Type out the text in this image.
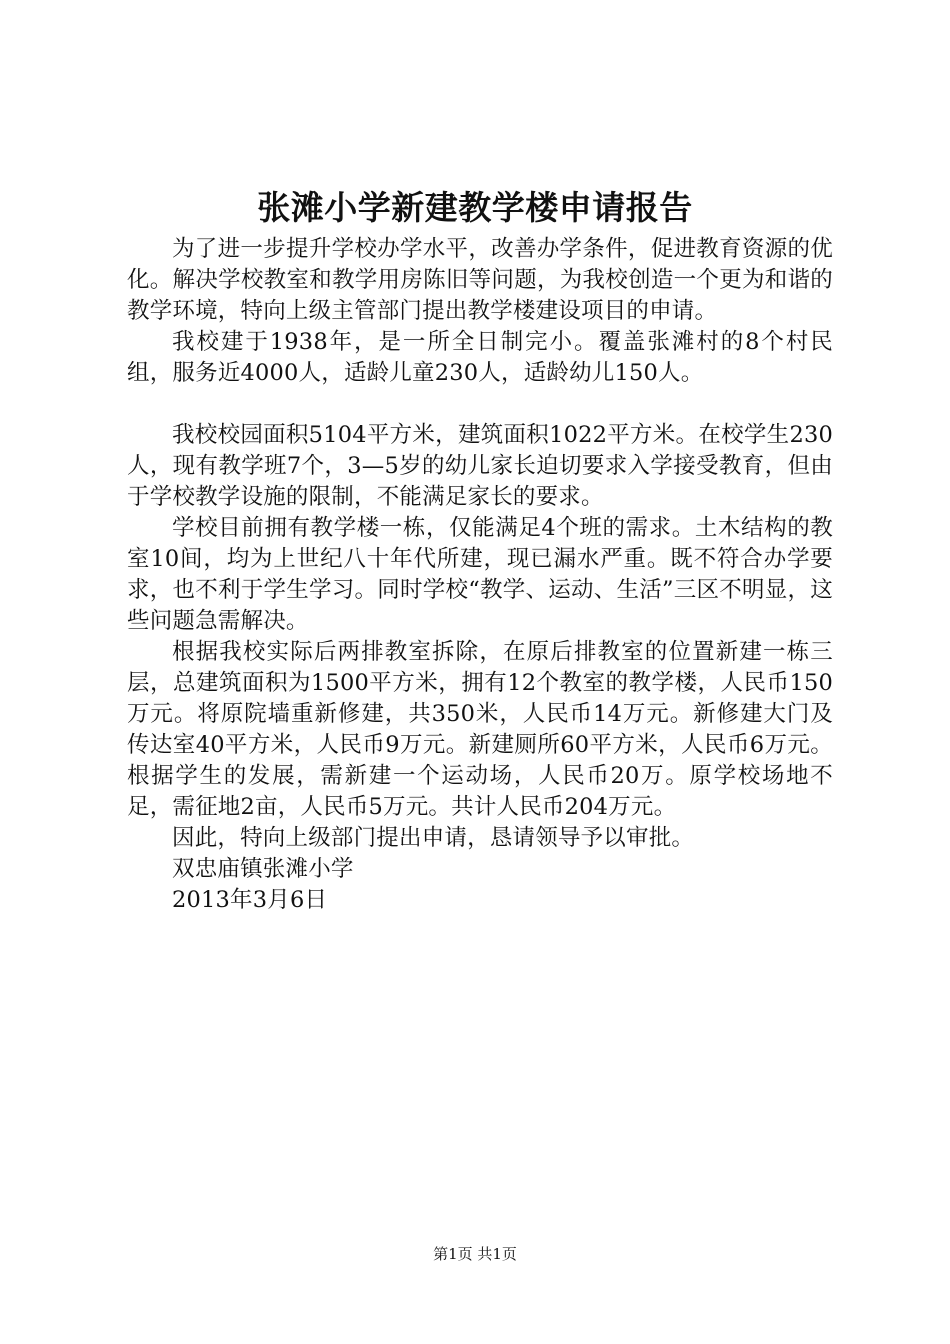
张滩小学新建教学楼申请报告

为了进一步提升学校办学水平，改善办学条件，促进教育资源的优化。解决学校教室和教学用房陈旧等问题，为我校创造一个更为和谐的教学环境，特向上级主管部门提出教学楼建设项目的申请。

我校建于1938年，是一所全日制完小。覆盖张滩村的8个村民组，服务近4000人，适龄儿童230人，适龄幼儿150人。

我校校园面积5104平方米，建筑面积1022平方米。在校学生230人，现有教学班7个，3—5岁的幼儿家长迫切要求入学接受教育，但由于学校教学设施的限制，不能满足家长的要求。

学校目前拥有教学楼一栋，仅能满足4个班的需求。土木结构的教室10间，均为上世纪八十年代所建，现已漏水严重。既不符合办学要求，也不利于学生学习。同时学校“教学、运动、生活”三区不明显，这些问题急需解决。

根据我校实际后两排教室拆除，在原后排教室的位置新建一栋三层，总建筑面积为1500平方米，拥有12个教室的教学楼，人民币150万元。将原院墙重新修建，共350米，人民币14万元。新修建大门及传达室40平方米，人民币9万元。新建厕所60平方米，人民币6万元。根据学生的发展，需新建一个运动场，人民币20万。原学校场地不足，需征地2亩，人民币5万元。共计人民币204万元。

因此，特向上级部门提出申请，恳请领导予以审批。

双忠庙镇张滩小学

2013年3月6日

第1页 共1页
